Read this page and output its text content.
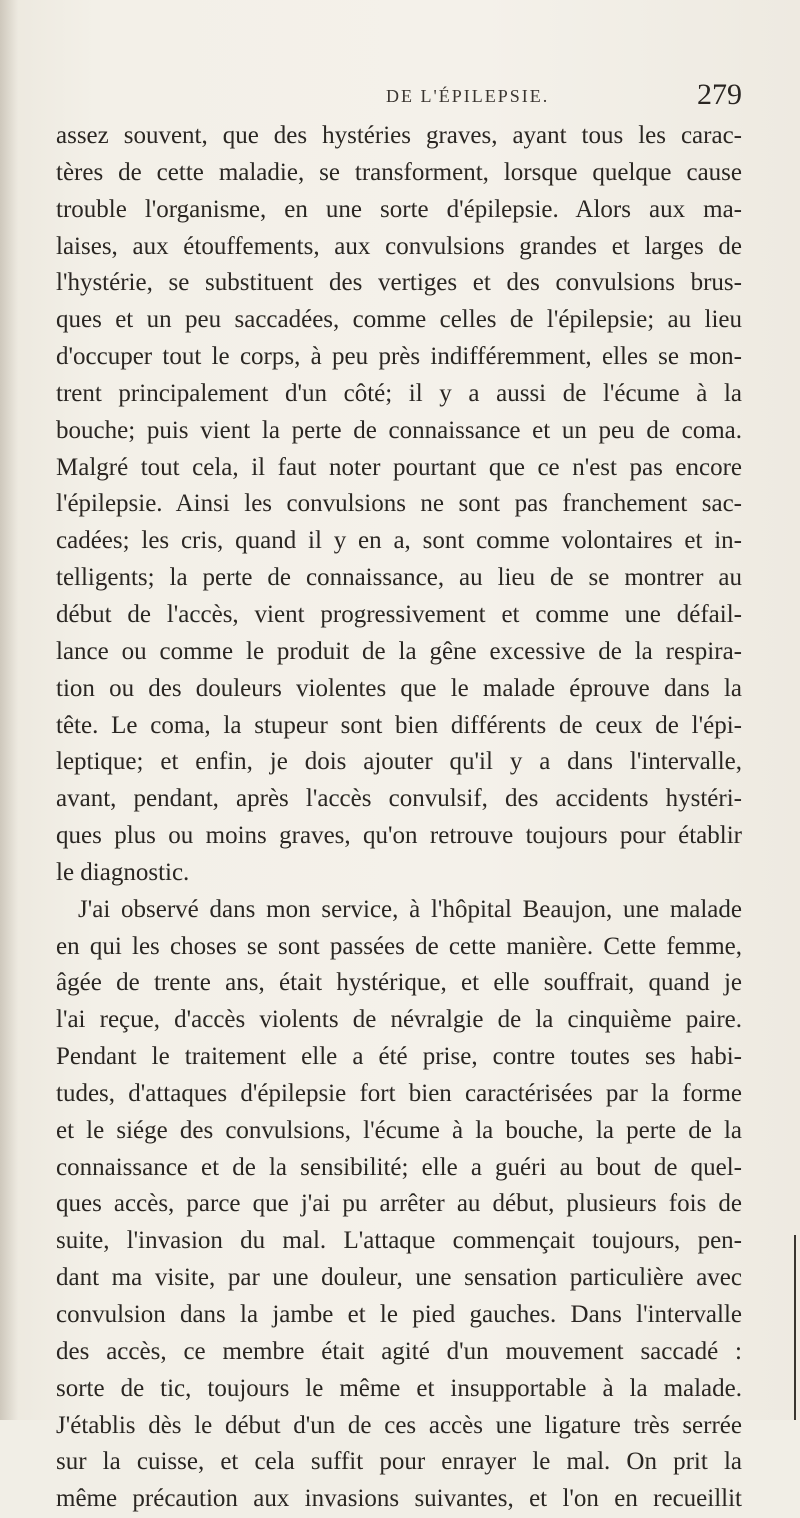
DE L'ÉPILEPSIE.	279
assez souvent, que des hystéries graves, ayant tous les carac-
tères de cette maladie, se transforment, lorsque quelque cause
trouble l'organisme, en une sorte d'épilepsie. Alors aux ma-
laises, aux étouffements, aux convulsions grandes et larges de
l'hystérie, se substituent des vertiges et des convulsions brus-
ques et un peu saccadées, comme celles de l'épilepsie; au lieu
d'occuper tout le corps, à peu près indifféremment, elles se mon-
trent principalement d'un côté; il y a aussi de l'écume à la
bouche; puis vient la perte de connaissance et un peu de coma.
Malgré tout cela, il faut noter pourtant que ce n'est pas encore
l'épilepsie. Ainsi les convulsions ne sont pas franchement sac-
cadées; les cris, quand il y en a, sont comme volontaires et in-
telligents; la perte de connaissance, au lieu de se montrer au
début de l'accès, vient progressivement et comme une défail-
lance ou comme le produit de la gêne excessive de la respira-
tion ou des douleurs violentes que le malade éprouve dans la
tête. Le coma, la stupeur sont bien différents de ceux de l'épi-
leptique; et enfin, je dois ajouter qu'il y a dans l'intervalle,
avant, pendant, après l'accès convulsif, des accidents hystéri-
ques plus ou moins graves, qu'on retrouve toujours pour établir
le diagnostic.
J'ai observé dans mon service, à l'hôpital Beaujon, une malade
en qui les choses se sont passées de cette manière. Cette femme,
âgée de trente ans, était hystérique, et elle souffrait, quand je
l'ai reçue, d'accès violents de névralgie de la cinquième paire.
Pendant le traitement elle a été prise, contre toutes ses habi-
tudes, d'attaques d'épilepsie fort bien caractérisées par la forme
et le siége des convulsions, l'écume à la bouche, la perte de la
connaissance et de la sensibilité; elle a guéri au bout de quel-
ques accès, parce que j'ai pu arrêter au début, plusieurs fois de
suite, l'invasion du mal. L'attaque commençait toujours, pen-
dant ma visite, par une douleur, une sensation particulière avec
convulsion dans la jambe et le pied gauches. Dans l'intervalle
des accès, ce membre était agité d'un mouvement saccadé :
sorte de tic, toujours le même et insupportable à la malade.
J'établis dès le début d'un de ces accès une ligature très serrée
sur la cuisse, et cela suffit pour enrayer le mal. On prit la
même précaution aux invasions suivantes, et l'on en recueillit
